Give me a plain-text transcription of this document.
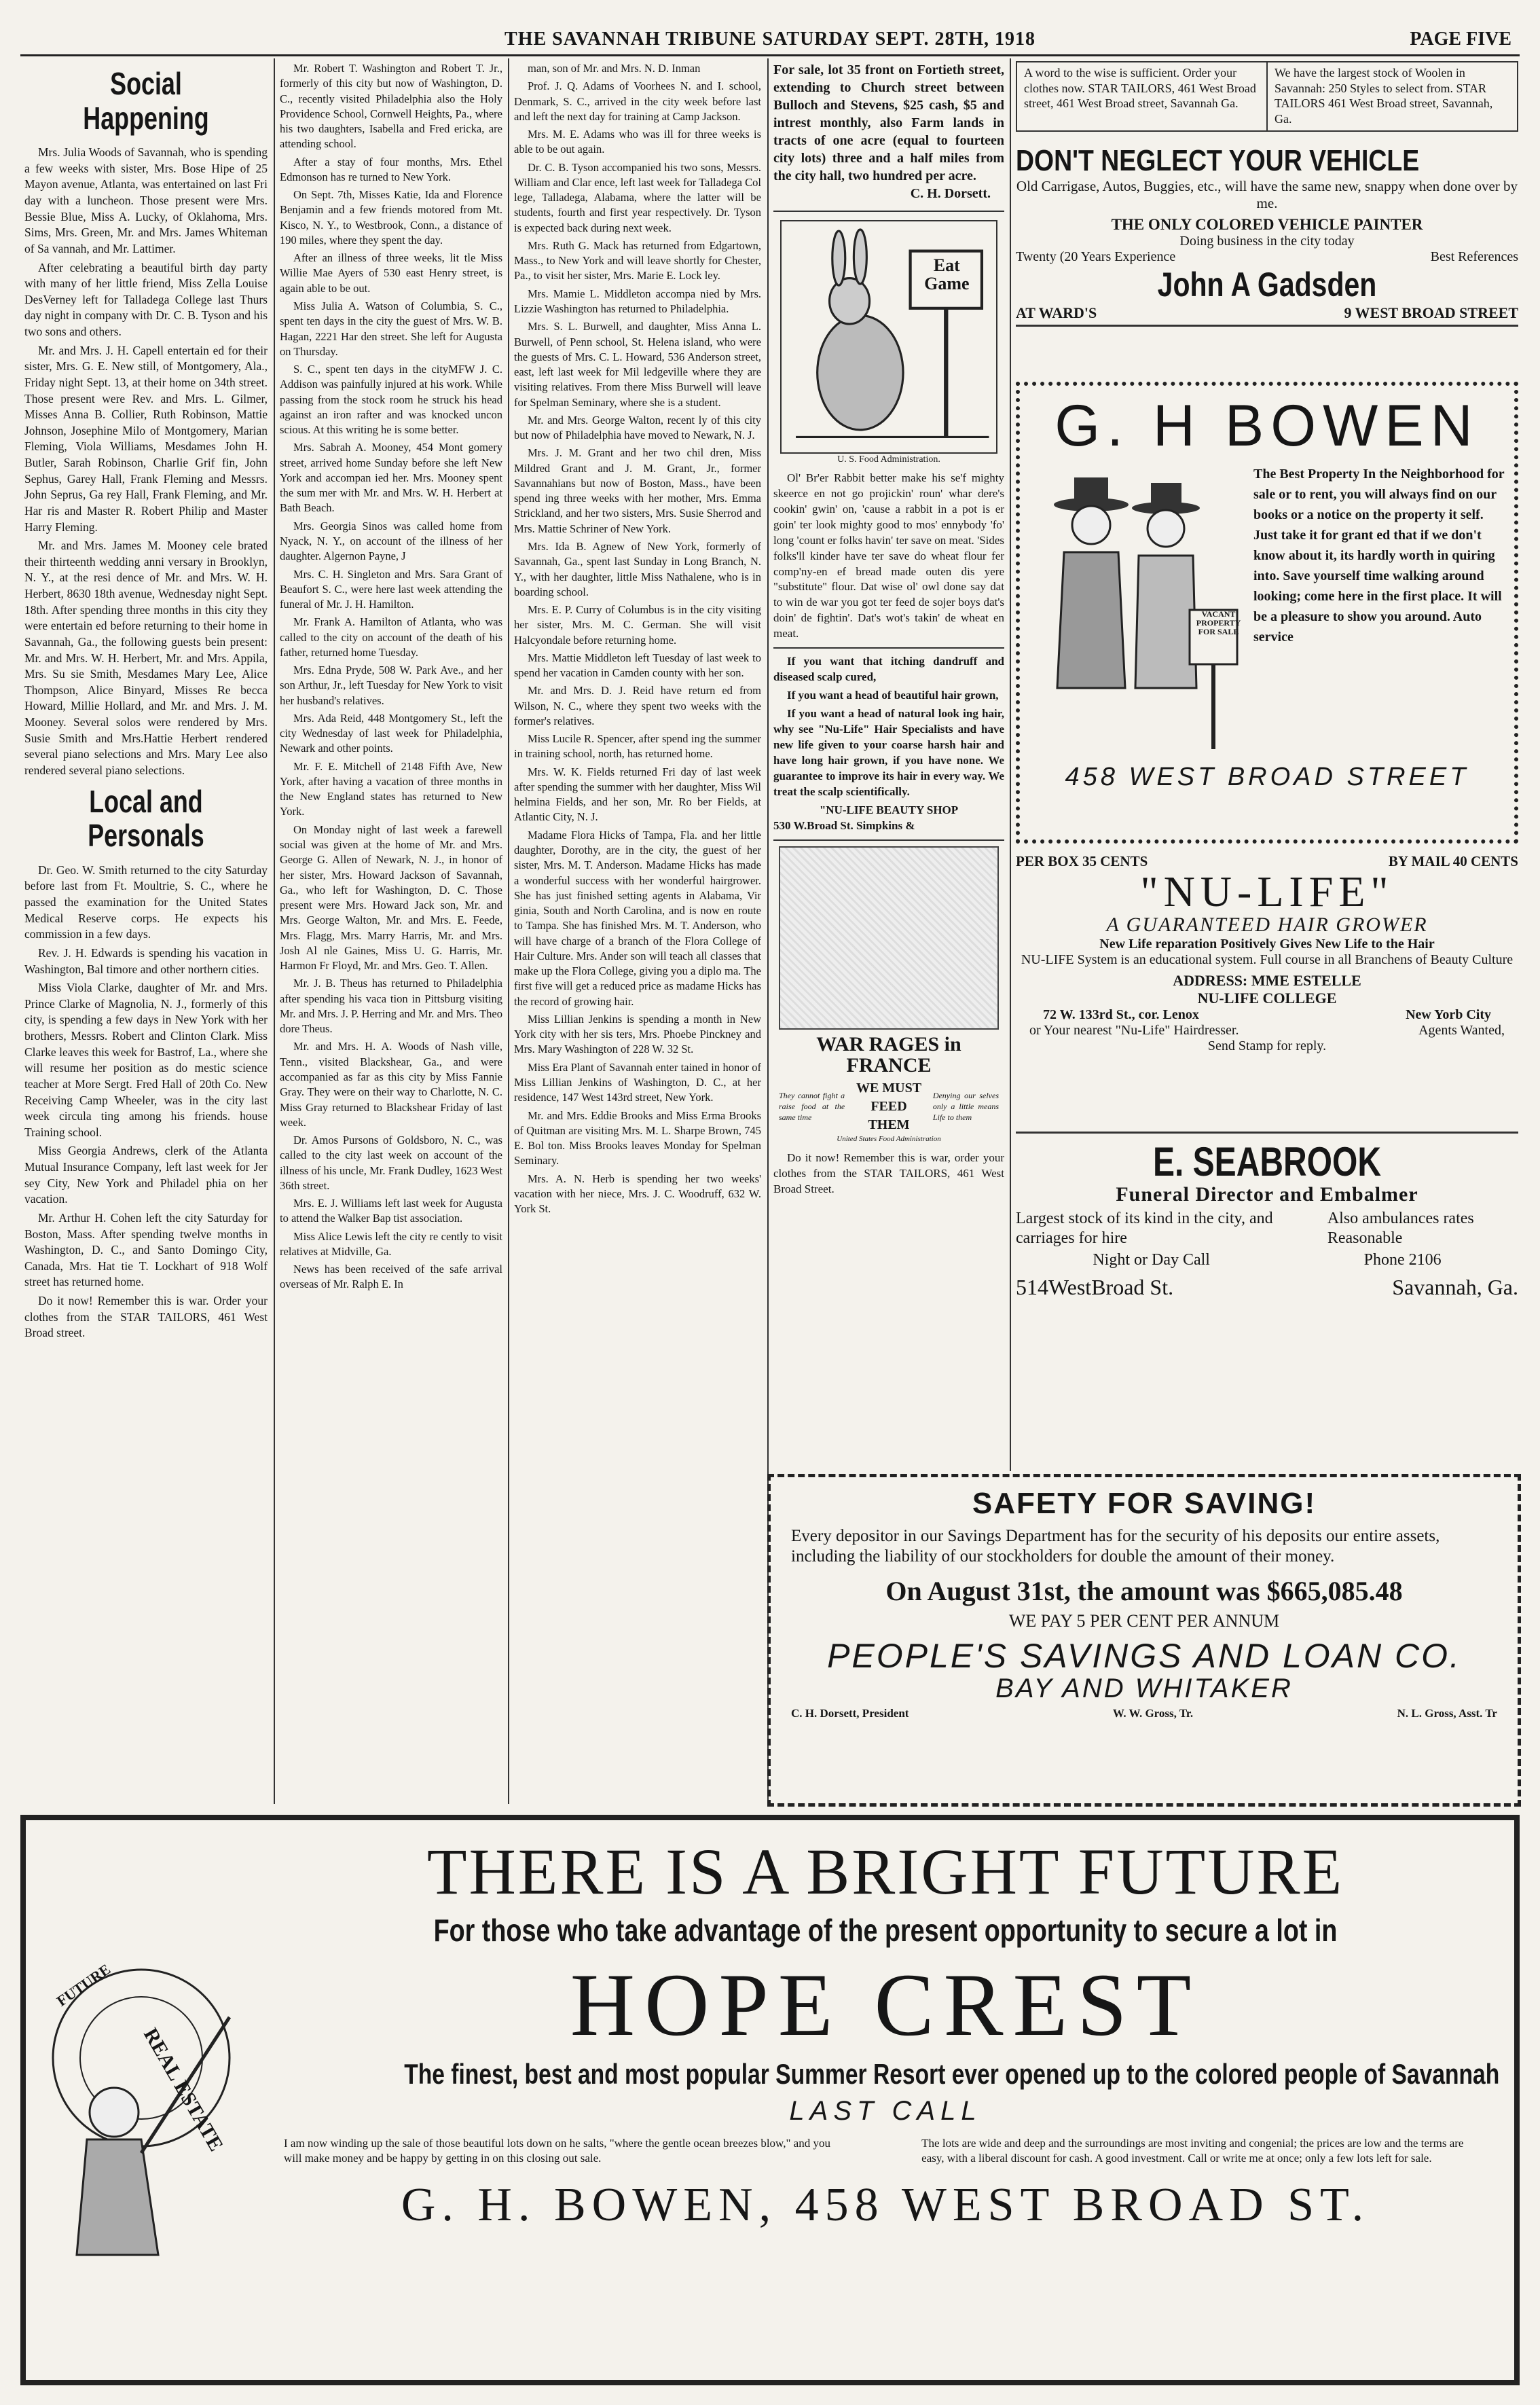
THE SAVANNAH TRIBUNE SATURDAY SEPT. 28TH, 1918	PAGE FIVE
Social Happening

Mrs. Julia Woods of Savannah, who is spending a few weeks with sister, Mrs. Bose Hipe of 25 Mayon avenue, Atlanta, was entertained on last Fri day with a luncheon. Those present were Mrs. Bessie Blue, Miss A. Lucky, of Oklahoma, Mrs. Sims, Mrs. Green, Mr. and Mrs. James Whiteman of Sa vannah, and Mr. Lattimer.

After celebrating a beautiful birth day party with many of her little friend, Miss Zella Louise DesVerney left for Talladega College last Thurs day night in company with Dr. C. B. Tyson and his two sons and others.

Mr. and Mrs. J. H. Capell entertain ed for their sister, Mrs. G. E. New still, of Montgomery, Ala., Friday night Sept. 13, at their home on 34th street. Those present were Rev. and Mrs. L. Gilmer, Misses Anna B. Collier, Ruth Robinson, Mattie Johnson, Josephine Milo of Montgomery, Marian Fleming, Viola Williams, Mesdames John H. Butler, Sarah Robinson, Charlie Grif fin, John Sephus, Garey Hall, Frank Fleming and Messrs. John Seprus, Ga rey Hall, Frank Fleming, and Mr. Har ris and Master R. Robert Philip and Master Harry Fleming.

Mr. and Mrs. James M. Mooney cele brated their thirteenth wedding anni versary in Brooklyn, N. Y., at the resi dence of Mr. and Mrs. W. H. Herbert, 8630 18th avenue, Wednesday night Sept. 18th. After spending three months in this city they were entertain ed before returning to their home in Savannah, Ga., the following guests bein present: Mr. and Mrs. W. H. Herbert, Mr. and Mrs. Appila, Mrs. Su sie Smith, Mesdames Mary Lee, Alice Thompson, Alice Binyard, Misses Re becca Howard, Millie Hollard, and Mr. and Mrs. J. M. Mooney. Several solos were rendered by Mrs. Susie Smith and Mrs.Hattie Herbert rendered several piano selections and Mrs. Mary Lee also rendered several piano selections.

Local and Personals

Dr. Geo. W. Smith returned to the city Saturday before last from Ft. Moultrie, S. C., where he passed the examination for the United States Medical Reserve corps. He expects his commission in a few days.

Rev. J. H. Edwards is spending his vacation in Washington, Bal timore and other northern cities.

Miss Viola Clarke, daughter of Mr. and Mrs. Prince Clarke of Magnolia, N. J., formerly of this city, is spending a few days in New York with her brothers, Messrs. Robert and Clinton Clark. Miss Clarke leaves this week for Bastrof, La., where she will resume her position as do mestic science teacher at More Sergt. Fred Hall of 20th Co. New Receiving Camp Wheeler, was in the city last week circula ting among his friends. house Training school.

Miss Georgia Andrews, clerk of the Atlanta Mutual Insurance Company, left last week for Jer sey City, New York and Philadel phia on her vacation.

Mr. Arthur H. Cohen left the city Saturday for Boston, Mass. After spending twelve months in Washington, D. C., and Santo Domingo City, Canada, Mrs. Hat tie T. Lockhart of 918 Wolf street has returned home.

Do it now! Remember this is war. Order your clothes from the STAR TAILORS, 461 West Broad street.

Mr. Robert T. Washington and Robert T. Jr., formerly of this city but now of Washington, D. C., recently visited Philadelphia also the Holy Providence School, Cornwell Heights, Pa., where his two daughters, Isabella and Fred ericka, are attending school.

After a stay of four months, Mrs. Ethel Edmonson has re turned to New York.

On Sept. 7th, Misses Katie, Ida and Florence Benjamin and a few friends motored from Mt. Kisco, N. Y., to Westbrook, Conn., a distance of 190 miles, where they spent the day.

After an illness of three weeks, lit tle Miss Willie Mae Ayers of 530 east Henry street, is again able to be out.

Miss Julia A. Watson of Columbia, S. C., spent ten days in the city the guest of Mrs. W. B. Hagan, 2221 Har den street. She left for Augusta on Thursday.

S. C., spent ten days in the cityMFW J. C. Addison was painfully injured at his work. While passing from the stock room he struck his head against an iron rafter and was knocked uncon scious. At this writing he is some better.

Mrs. Sabrah A. Mooney, 454 Mont gomery street, arrived home Sunday before she left New York and accompan ied her. Mrs. Mooney spent the sum mer with Mr. and Mrs. W. H. Herbert at Bath Beach.

Mrs. Georgia Sinos was called home from Nyack, N. Y., on account of the illness of her daughter. Algernon Payne, J

Mrs. C. H. Singleton and Mrs. Sara Grant of Beaufort S. C., were here last week attending the funeral of Mr. J. H. Hamilton.

Mr. Frank A. Hamilton of Atlanta, who was called to the city on account of the death of his father, returned home Tuesday.

Mrs. Edna Pryde, 508 W. Park Ave., and her son Arthur, Jr., left Tuesday for New York to visit her husband's relatives.

Mrs. Ada Reid, 448 Montgomery St., left the city Wednesday of last week for Philadelphia, Newark and other points.

Mr. F. E. Mitchell of 2148 Fifth Ave, New York, after having a vacation of three months in the New England states has returned to New York.

On Monday night of last week a farewell social was given at the home of Mr. and Mrs. George G. Allen of Newark, N. J., in honor of her sister, Mrs. Howard Jackson of Savannah, Ga., who left for Washington, D. C. Those present were Mrs. Howard Jack son, Mr. and Mrs. George Walton, Mr. and Mrs. E. Feede, Mrs. Flagg, Mrs. Marry Harris, Mr. and Mrs. Josh Al nle Gaines, Miss U. G. Harris, Mr. Harmon Fr Floyd, Mr. and Mrs. Geo. T. Allen.

Mr. J. B. Theus has returned to Philadelphia after spending his vaca tion in Pittsburg visiting Mr. and Mrs. J. P. Herring and Mr. and Mrs. Theo dore Theus.

Mr. and Mrs. H. A. Woods of Nash ville, Tenn., visited Blackshear, Ga., and were accompanied as far as this city by Miss Fannie Gray. They were on their way to Charlotte, N. C. Miss Gray returned to Blackshear Friday of last week.

Dr. Amos Pursons of Goldsboro, N. C., was called to the city last week on account of the illness of his uncle, Mr. Frank Dudley, 1623 West 36th street.

Mrs. E. J. Williams left last week for Augusta to attend the Walker Bap tist association.

Miss Alice Lewis left the city re cently to visit relatives at Midville, Ga.

News has been received of the safe arrival overseas of Mr. Ralph E. In

man, son of Mr. and Mrs. N. D. Inman

Prof. J. Q. Adams of Voorhees N. and I. school, Denmark, S. C., arrived in the city week before last and left the next day for training at Camp Jackson.

Mrs. M. E. Adams who was ill for three weeks is able to be out again.

Dr. C. B. Tyson accompanied his two sons, Messrs. William and Clar ence, left last week for Talladega Col lege, Talladega, Alabama, where the latter will be students, fourth and first year respectively. Dr. Tyson is expected back during next week.

Mrs. Ruth G. Mack has returned from Edgartown, Mass., to New York and will leave shortly for Chester, Pa., to visit her sister, Mrs. Marie E. Lock ley.

Mrs. Mamie L. Middleton accompa nied by Mrs. Lizzie Washington has returned to Philadelphia.

Mrs. S. L. Burwell, and daughter, Miss Anna L. Burwell, of Penn school, St. Helena island, who were the guests of Mrs. C. L. Howard, 536 Anderson street, east, left last week for Mil ledgeville where they are visiting relatives. From there Miss Burwell will leave for Spelman Seminary, where she is a student.

Mr. and Mrs. George Walton, recent ly of this city but now of Philadelphia have moved to Newark, N. J.

Mrs. J. M. Grant and her two chil dren, Miss Mildred Grant and J. M. Grant, Jr., former Savannahians but now of Boston, Mass., have been spend ing three weeks with her mother, Mrs. Emma Strickland, and her two sisters, Mrs. Susie Sherrod and Mrs. Mattie Schriner of New York.

Mrs. Ida B. Agnew of New York, formerly of Savannah, Ga., spent last Sunday in Long Branch, N. Y., with her daughter, little Miss Nathalene, who is in boarding school.

Mrs. E. P. Curry of Columbus is in the city visiting her sister, Mrs. M. C. German. She will visit Halcyondale before returning home.

Mrs. Mattie Middleton left Tuesday of last week to spend her vacation in Camden county with her son.

Mr. and Mrs. D. J. Reid have return ed from Wilson, N. C., where they spent two weeks with the former's relatives.

Miss Lucile R. Spencer, after spend ing the summer in training school, north, has returned home.

Mrs. W. K. Fields returned Fri day of last week after spending the summer with her daughter, Miss Wil helmina Fields, and her son, Mr. Ro ber Fields, at Atlantic City, N. J.

Madame Flora Hicks of Tampa, Fla. and her little daughter, Dorothy, are in the city, the guest of her sister, Mrs. M. T. Anderson. Madame Hicks has made a wonderful success with her wonderful hairgrower. She has just finished setting agents in Alabama, Vir ginia, South and North Carolina, and is now en route to Tampa. She has finished Mrs. M. T. Anderson, who will have charge of a branch of the Flora College of Hair Culture. Mrs. Ander son will teach all classes that make up the Flora College, giving you a diplo ma. The first five will get a reduced price as madame Hicks has the record of growing hair.

Miss Lillian Jenkins is spending a month in New York city with her sis ters, Mrs. Phoebe Pinckney and Mrs. Mary Washington of 228 W. 32 St.

Miss Era Plant of Savannah enter tained in honor of Miss Lillian Jenkins of Washington, D. C., at her residence, 147 West 143rd street, New York.

Mr. and Mrs. Eddie Brooks and Miss Erma Brooks of Quitman are visiting Mrs. M. L. Sharpe Brown, 745 E. Bol ton. Miss Brooks leaves Monday for Spelman Seminary.

Mrs. A. N. Herb is spending her two weeks' vacation with her niece, Mrs. J. C. Woodruff, 632 W. York St.

For sale, lot 35 front on Fortieth street, extending to Church street between Bulloch and Stevens, $25 cash, $5 and intrest monthly, also Farm lands in tracts of one acre (equal to fourteen city lots) three and a half miles from the city hall, two hundred per acre.
C. H. Dorsett.
Eat Game
U. S. Food Administration.

Ol' Br'er Rabbit better make his se'f mighty skeerce en not go projickin' roun' whar dere's cookin' gwin' on, 'cause a rabbit in a pot is er goin' ter look mighty good to mos' ennybody 'fo' long 'count er folks havin' ter save on meat. 'Sides folks'll kinder have ter save do wheat flour fer comp'ny-en ef bread made outen dis yere "substitute" flour. Dat wise ol' owl done say dat to win de war you got ter feed de sojer boys dat's doin' de fightin'. Dat's wot's takin' de wheat en meat.

If you want that itching dandruff and diseased scalp cured,

If you want a head of beautiful hair grown,

If you want a head of natural look ing hair, why see "Nu-Life" Hair Specialists and have new life given to your coarse harsh hair and have long hair grown, if you have none. We guarantee to improve its hair in every way. We treat the scalp scientifically.

"NU-LIFE BEAUTY SHOP
530 W.Broad St. Simpkins &
WAR RAGES in FRANCE
They cannot fight a raise food at the same time
WE MUST FEED THEM
Denying our selves only a little means Life to them
United States Food Administration

Do it now! Remember this is war, order your clothes from the STAR TAILORS, 461 West Broad Street.

A word to the wise is sufficient. Order your clothes now. STAR TAILORS, 461 West Broad street, 461 West Broad street, Savannah Ga.
We have the largest stock of Woolen in Savannah: 250 Styles to select from. STAR TAILORS 461 West Broad street, Savannah, Ga.
DON'T NEGLECT YOUR VEHICLE
Old Carrigase, Autos, Buggies, etc., will have the same new, snappy when done over by me.
THE ONLY COLORED VEHICLE PAINTER
Doing business in the city today
Twenty (20 Years Experience	Best References
John A Gadsden
AT WARD'S	9 WEST BROAD STREET
G. H BOWEN
VACANT PROPERTY FOR SALE
The Best Property In the Neighborhood for sale or to rent, you will always find on our books or a notice on the property it self. Just take it for grant ed that if we don't know about it, its hardly worth in quiring into. Save yourself time walking around looking; come here in the first place. It will be a pleasure to show you around. Auto service
458 WEST BROAD STREET
PER BOX 35 CENTS	BY MAIL 40 CENTS
"NU-LIFE"
A GUARANTEED HAIR GROWER
New Life reparation Positively Gives New Life to the Hair
NU-LIFE System is an educational system. Full course in all Branchens of Beauty Culture
ADDRESS: MME ESTELLE
NU-LIFE COLLEGE
72 W. 133rd St., cor. Lenox	New Yorb City
or Your nearest "Nu-Life" Hairdresser.	Agents Wanted,
Send Stamp for reply.
E. SEABROOK
Funeral Director and Embalmer
Largest stock of its kind in the city, and carriages for hire
Also ambulances rates Reasonable
Night or Day Call	Phone 2106
514WestBroad St.	Savannah, Ga.
SAFETY FOR SAVING!
Every depositor in our Savings Department has for the security of his deposits our entire assets, including the liability of our stockholders for double the amount of their money.
On August 31st, the amount was $665,085.48
WE PAY 5 PER CENT PER ANNUM
PEOPLE'S SAVINGS AND LOAN CO.
BAY AND WHITAKER
C. H. Dorsett, President	W. W. Gross, Tr.	N. L. Gross, Asst. Tr
FUTURE
REAL ESTATE
THERE IS A BRIGHT FUTURE
For those who take advantage of the present opportunity to secure a lot in
HOPE CREST
The finest, best and most popular Summer Resort ever opened up to the colored people of Savannah
LAST CALL
I am now winding up the sale of those beautiful lots down on he salts, "where the gentle ocean breezes blow," and you will make money and be happy by getting in on this closing out sale.
The lots are wide and deep and the surroundings are most inviting and congenial; the prices are low and the terms are easy, with a liberal discount for cash. A good investment. Call or write me at once; only a few lots left for sale.
G. H. BOWEN, 458 WEST BROAD ST.
